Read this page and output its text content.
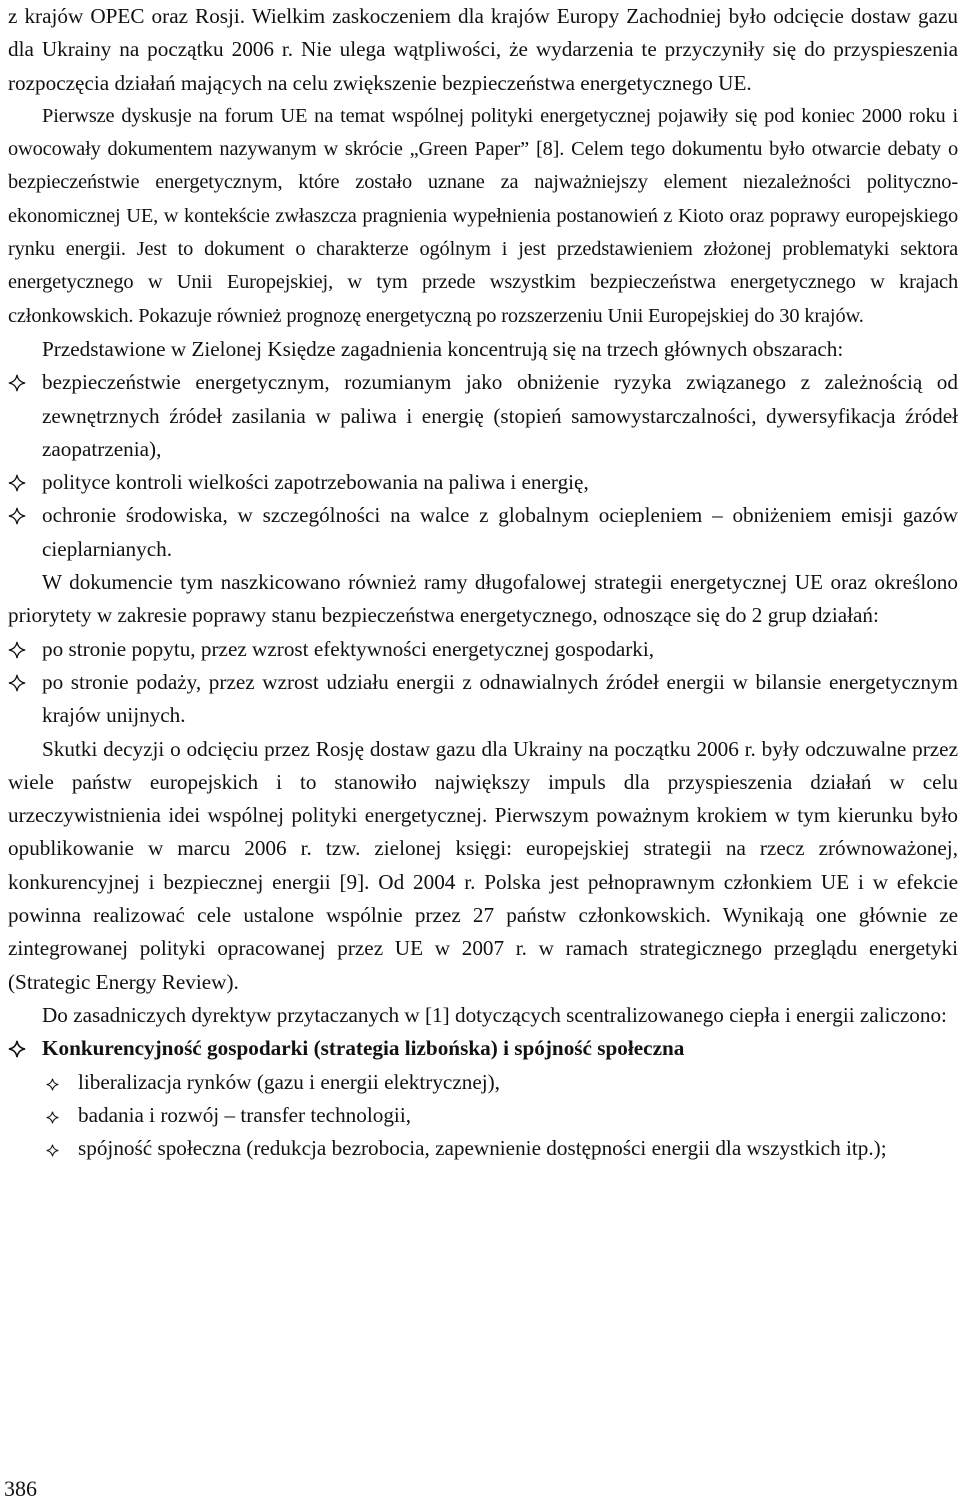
z krajów OPEC oraz Rosji. Wielkim zaskoczeniem dla krajów Europy Zachodniej było odcięcie dostaw gazu dla Ukrainy na początku 2006 r. Nie ulega wątpliwości, że wydarzenia te przyczyniły się do przyspieszenia rozpoczęcia działań mających na celu zwiększenie bezpieczeństwa energetycznego UE.

Pierwsze dyskusje na forum UE na temat wspólnej polityki energetycznej pojawiły się pod koniec 2000 roku i owocowały dokumentem nazywanym w skrócie „Green Paper” [8]. Celem tego dokumentu było otwarcie debaty o bezpieczeństwie energetycznym, które zostało uznane za najważniejszy element niezależności polityczno-ekonomicznej UE, w kontekście zwłaszcza pragnienia wypełnienia postanowień z Kioto oraz poprawy europejskiego rynku energii. Jest to dokument o charakterze ogólnym i jest przedstawieniem złożonej problematyki sektora energetycznego w Unii Europejskiej, w tym przede wszystkim bezpieczeństwa energetycznego w krajach członkowskich. Pokazuje również prognozę energetyczną po rozszerzeniu Unii Europejskiej do 30 krajów.

Przedstawione w Zielonej Księdze zagadnienia koncentrują się na trzech głównych obszarach:

bezpieczeństwie energetycznym, rozumianym jako obniżenie ryzyka związanego z zależnością od zewnętrznych źródeł zasilania w paliwa i energię (stopień samowystarczalności, dywersyfikacja źródeł zaopatrzenia),
polityce kontroli wielkości zapotrzebowania na paliwa i energię,
ochronie środowiska, w szczególności na walce z globalnym ociepleniem – obniżeniem emisji gazów cieplarnianych.

W dokumencie tym naszkicowano również ramy długofalowej strategii energetycznej UE oraz określono priorytety w zakresie poprawy stanu bezpieczeństwa energetycznego, odnoszące się do 2 grup działań:

po stronie popytu, przez wzrost efektywności energetycznej gospodarki,
po stronie podaży, przez wzrost udziału energii z odnawialnych źródeł energii w bilansie energetycznym krajów unijnych.

Skutki decyzji o odcięciu przez Rosję dostaw gazu dla Ukrainy na początku 2006 r. były odczuwalne przez wiele państw europejskich i to stanowiło największy impuls dla przyspieszenia działań w celu urzeczywistnienia idei wspólnej polityki energetycznej. Pierwszym poważnym krokiem w tym kierunku było opublikowanie w marcu 2006 r. tzw. zielonej księgi: europejskiej strategii na rzecz zrównoważonej, konkurencyjnej i bezpiecznej energii [9]. Od 2004 r. Polska jest pełnoprawnym członkiem UE i w efekcie powinna realizować cele ustalone wspólnie przez 27 państw członkowskich. Wynikają one głównie ze zintegrowanej polityki opracowanej przez UE w 2007 r. w ramach strategicznego przeglądu energetyki (Strategic Energy Review).

Do zasadniczych dyrektyw przytaczanych w [1] dotyczących scentralizowanego ciepła i energii zaliczono:

Konkurencyjność gospodarki (strategia lizbońska) i spójność społeczna
liberalizacja rynków (gazu i energii elektrycznej),
badania i rozwój – transfer technologii,
spójność społeczna (redukcja bezrobocia, zapewnienie dostępności energii dla wszystkich itp.);
386
